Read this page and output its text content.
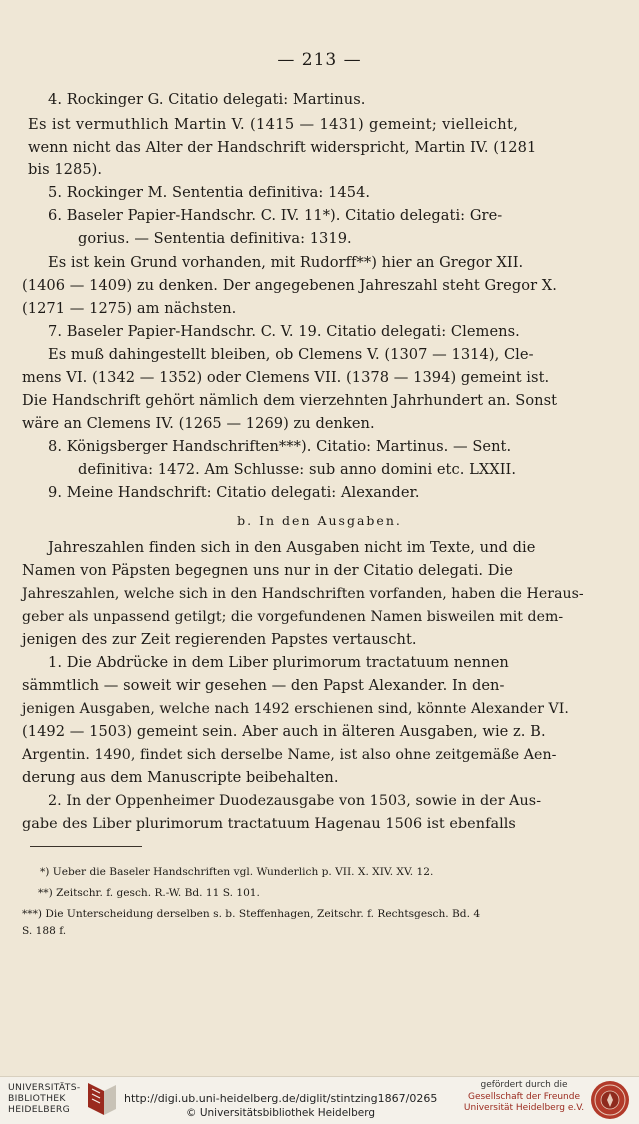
— 213 —
4. Rockinger G. Citatio delegati: Martinus.
Es ist vermuthlich Martin V. (1415 — 1431) gemeint; vielleicht,
wenn nicht das Alter der Handschrift widerspricht, Martin IV. (1281
bis 1285).
5. Rockinger M. Sententia definitiva: 1454.
6. Baseler Papier-Handschr. C. IV. 11*). Citatio delegati: Gre-
gorius. — Sententia definitiva: 1319.
Es ist kein Grund vorhanden, mit Rudorff**) hier an Gregor XII.
(1406 — 1409) zu denken. Der angegebenen Jahreszahl steht Gregor X.
(1271 — 1275) am nächsten.
7. Baseler Papier-Handschr. C. V. 19. Citatio delegati: Clemens.
Es muß dahingestellt bleiben, ob Clemens V. (1307 — 1314), Cle-
mens VI. (1342 — 1352) oder Clemens VII. (1378 — 1394) gemeint ist.
Die Handschrift gehört nämlich dem vierzehnten Jahrhundert an. Sonst
wäre an Clemens IV. (1265 — 1269) zu denken.
8. Königsberger Handschriften***). Citatio: Martinus. — Sent.
definitiva: 1472. Am Schlusse: sub anno domini etc. LXXII.
9. Meine Handschrift: Citatio delegati: Alexander.
b. In den Ausgaben.
Jahreszahlen finden sich in den Ausgaben nicht im Texte, und die
Namen von Päpsten begegnen uns nur in der Citatio delegati. Die
Jahreszahlen, welche sich in den Handschriften vorfanden, haben die Heraus-
geber als unpassend getilgt; die vorgefundenen Namen bisweilen mit dem-
jenigen des zur Zeit regierenden Papstes vertauscht.
1. Die Abdrücke in dem Liber plurimorum tractatuum nennen
sämmtlich — soweit wir gesehen — den Papst Alexander. In den-
jenigen Ausgaben, welche nach 1492 erschienen sind, könnte Alexander VI.
(1492 — 1503) gemeint sein. Aber auch in älteren Ausgaben, wie z. B.
Argentin. 1490, findet sich derselbe Name, ist also ohne zeitgemäße Aen-
derung aus dem Manuscripte beibehalten.
2. In der Oppenheimer Duodezausgabe von 1503, sowie in der Aus-
gabe des Liber plurimorum tractatuum Hagenau 1506 ist ebenfalls
*) Ueber die Baseler Handschriften vgl. Wunderlich p. VII. X. XIV. XV. 12.
**) Zeitschr. f. gesch. R.-W. Bd. 11 S. 101.
***) Die Unterscheidung derselben s. b. Steffenhagen, Zeitschr. f. Rechtsgesch. Bd. 4
S. 188 f.
UNIVERSITÄTS-
BIBLIOTHEK
HEIDELBERG
http://digi.ub.uni-heidelberg.de/diglit/stintzing1867/0265
© Universitätsbibliothek Heidelberg
gefördert durch die
Gesellschaft der Freunde
Universität Heidelberg e.V.
